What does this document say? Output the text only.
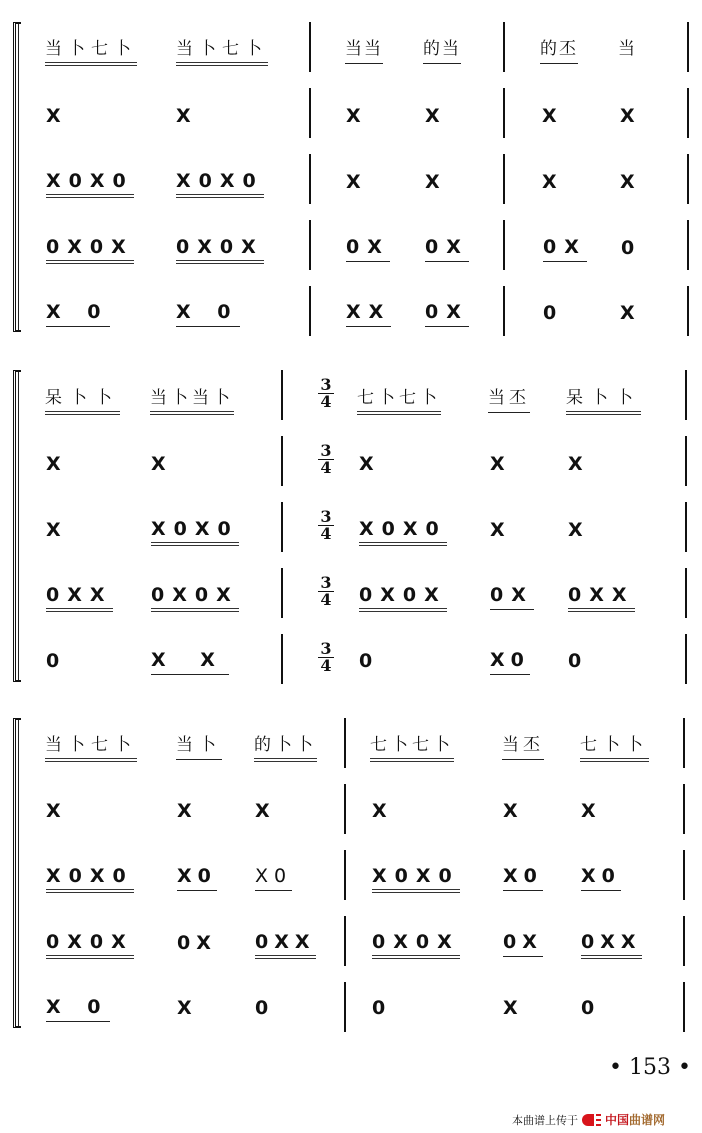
当卜七卜 当卜七卜	当当 的当	的丕 当
X	X	X	X	X	X
X0X0 X0X0	X	X	X	X
0X0X 0X0X	0X 0X	0X 0
X 0	X 0	XX 0X	0	X
3
4
3
4
3
4
3
4
3
4
呆卜卜 当卜当卜	七卜七卜	当丕 呆卜卜
X	X	X	X	X
X	X0X0	X0X0 X	X
0XX 0X0X	0X0X 0X 0XX
0	X X	0	X0 0
当卜七卜 当卜 的卜卜	七卜七卜	当丕 七卜卜
X	X	X	X	X	X
X0X0 X0 X0	X0X0 X0 X0
0X0X 0X 0XX	0X0X 0X 0XX
X 0	X	0	0	X	0
• 153 •
本曲谱上传于 中国 曲谱网
